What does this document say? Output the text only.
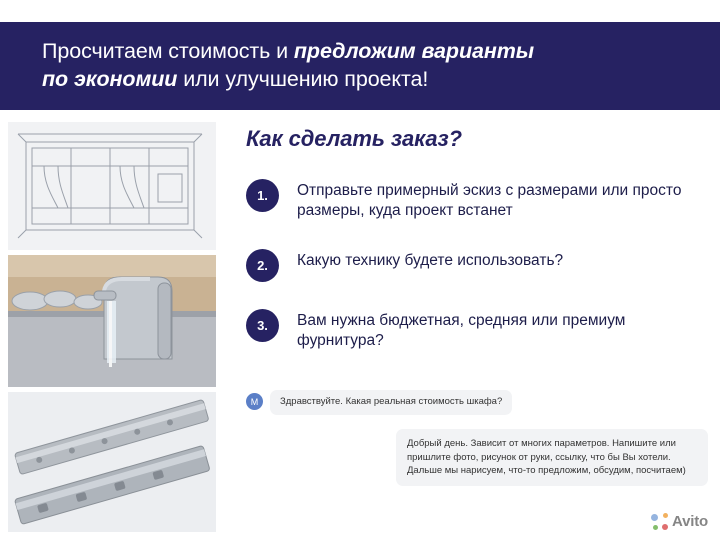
Просчитаем стоимость и предложим варианты
по экономии или улучшению проекта!
Как сделать заказ?
1.	Отправьте примерный эскиз с размерами или просто размеры, куда проект встанет
2.	Какую технику будете использовать?
3.	Вам нужна бюджетная, средняя или премиум фурнитура?
М	Здравствуйте. Какая реальная стоимость шкафа?
Добрый день. Зависит от многих параметров. Напишите или пришлите фото, рисунок от руки, ссылку, что бы Вы хотели. Дальше мы нарисуем, что-то предложим, обсудим, посчитаем)
Avito
